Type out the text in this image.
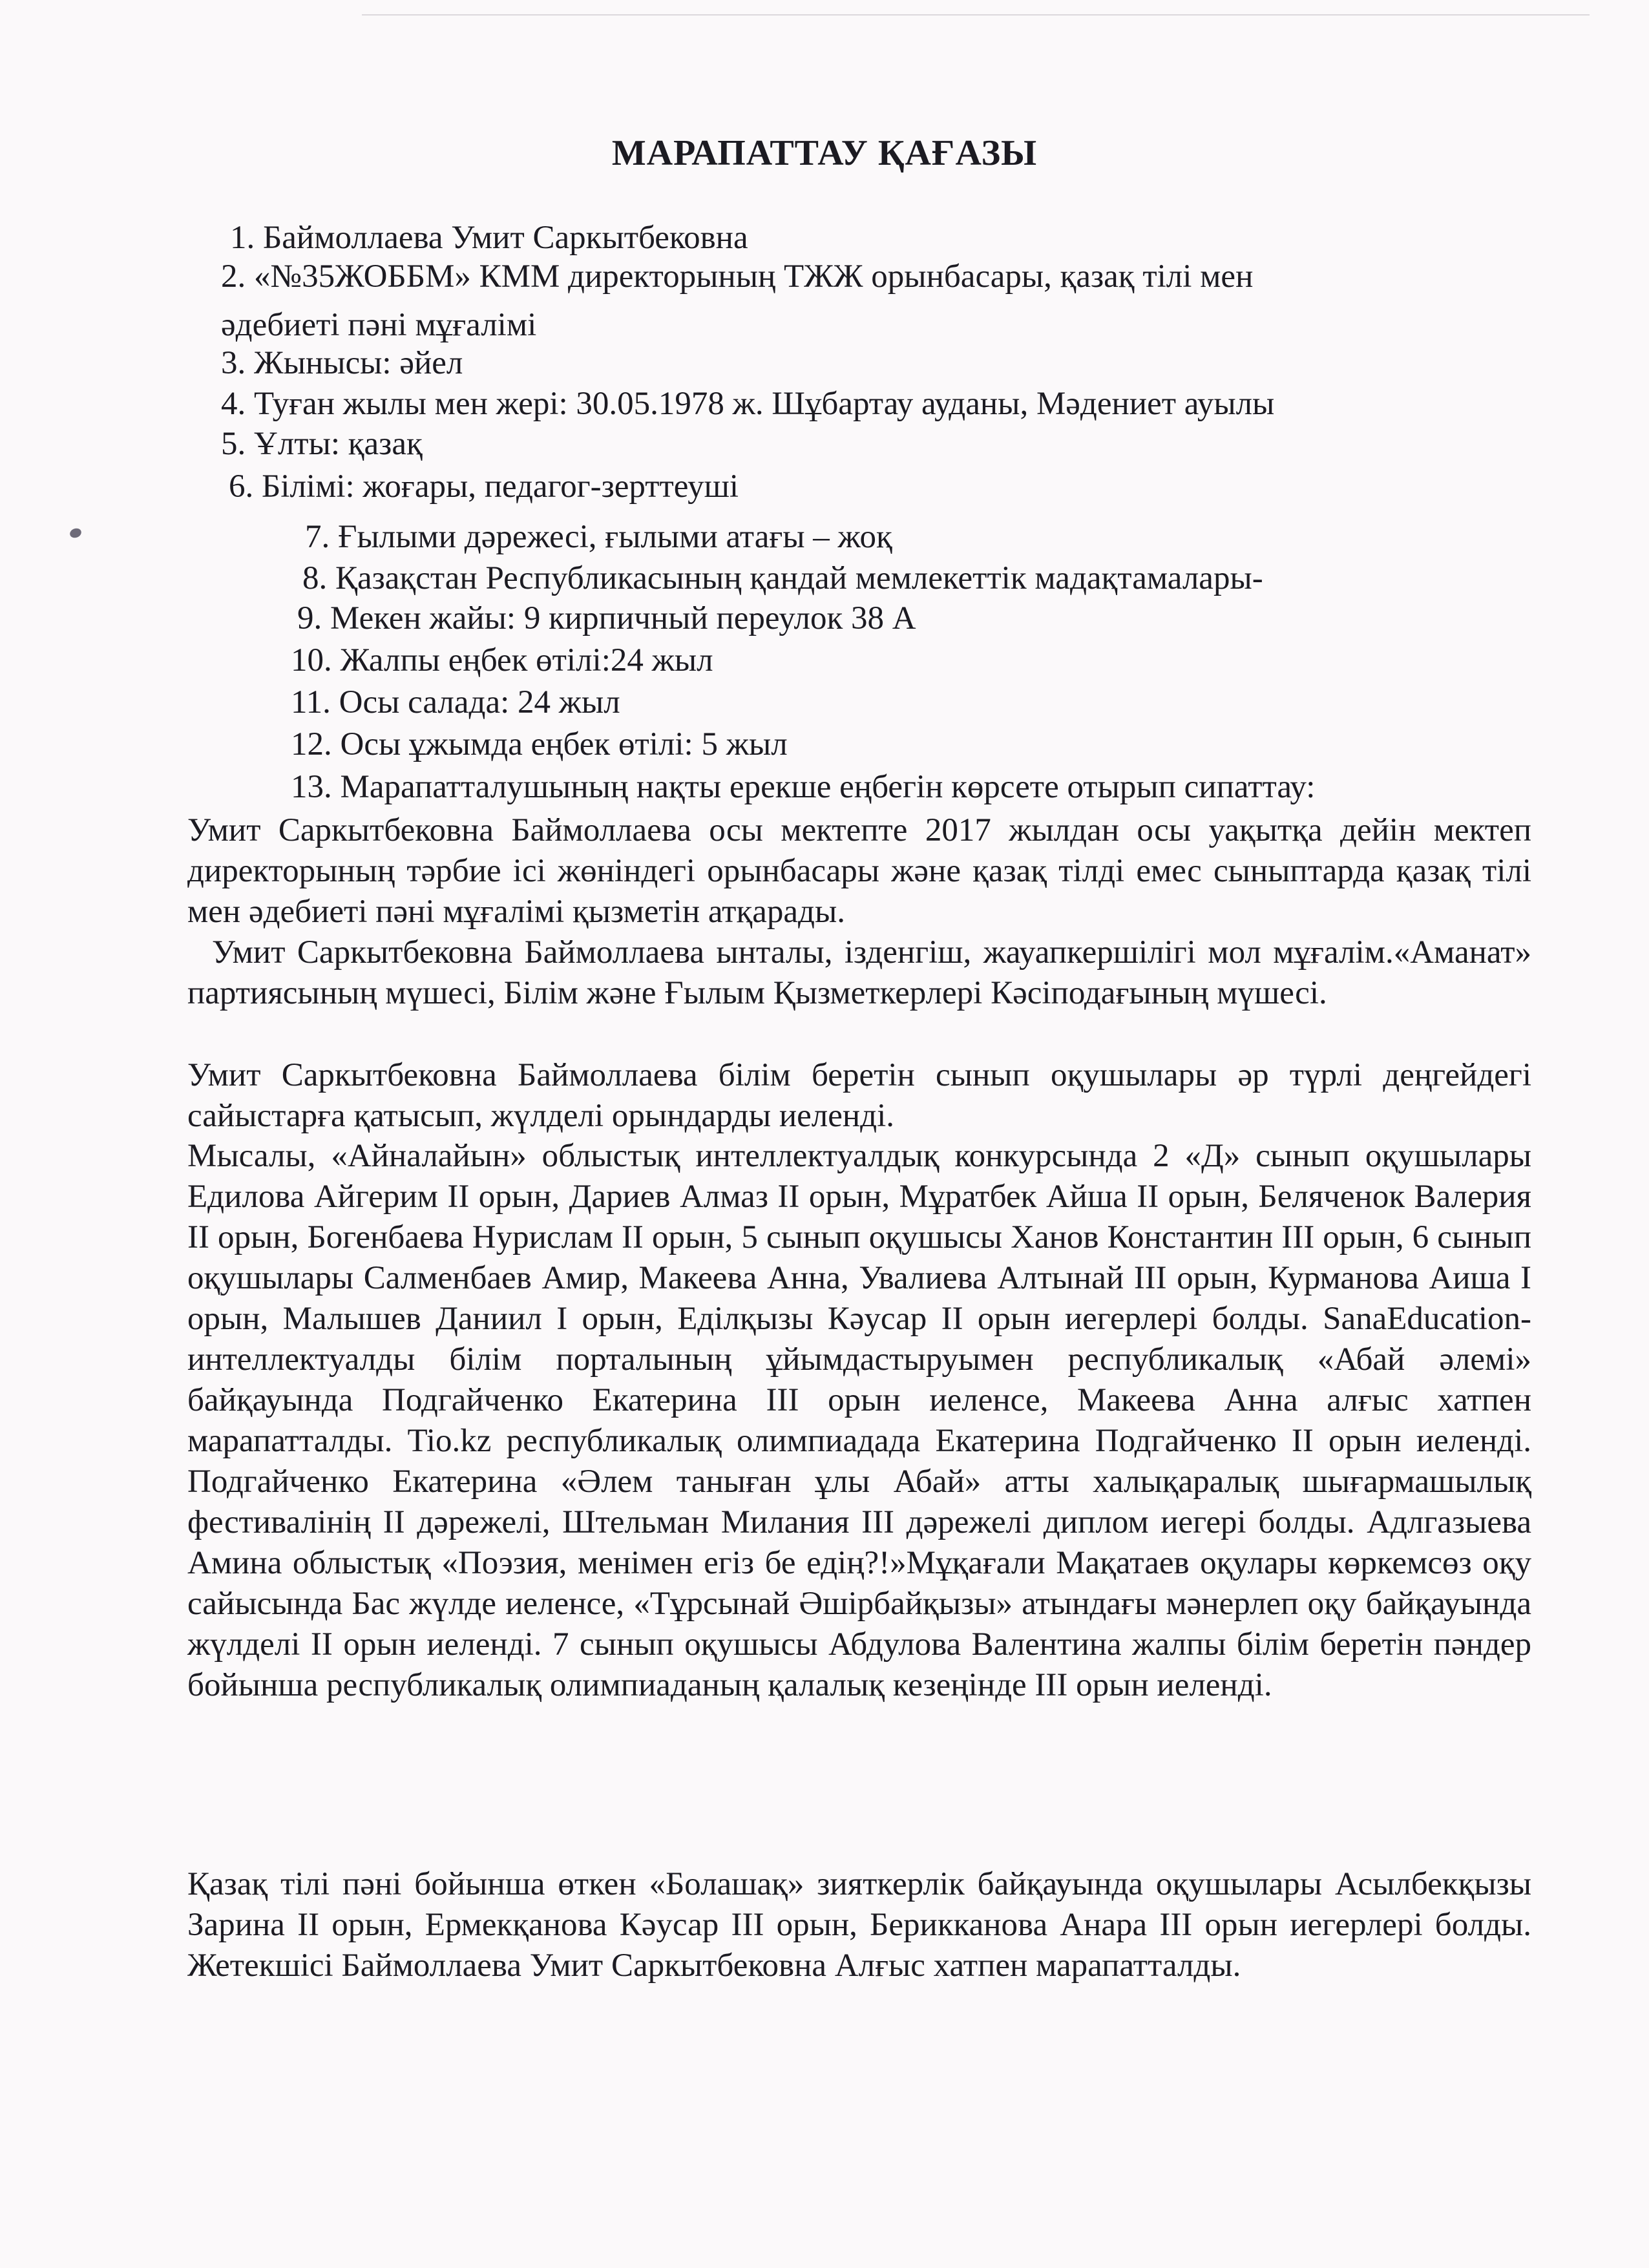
МАРАПАТТАУ ҚАҒАЗЫ
1. Баймоллаева Умит Саркытбековна
2. «№35ЖОББМ» КММ директорының ТЖЖ орынбасары, қазақ тілі мен
әдебиеті пәні мұғалімі
3. Жынысы: әйел
4. Туған жылы мен жері: 30.05.1978 ж. Шұбартау ауданы, Мәдениет ауылы
5. Ұлты: қазақ
6. Білімі: жоғары, педагог-зерттеуші
7. Ғылыми дәрежесі, ғылыми атағы – жоқ
8. Қазақстан Республикасының қандай мемлекеттік мадақтамалары-
9. Мекен жайы: 9 кирпичный переулок 38 А
10. Жалпы еңбек өтілі:24 жыл
11. Осы салада: 24 жыл
12. Осы ұжымда еңбек өтілі: 5 жыл
13. Марапатталушының нақты ерекше еңбегін көрсете отырып сипаттау:
Умит Саркытбековна Баймоллаева осы мектепте 2017 жылдан осы уақытқа дейін мектеп директорының тәрбие ісі жөніндегі орынбасары және қазақ тілді емес сыныптарда қазақ тілі мен әдебиеті пәні мұғалімі қызметін атқарады.
Умит Саркытбековна Баймоллаева ынталы, ізденгіш, жауапкершілігі мол мұғалім.«Аманат» партиясының мүшесі, Білім және Ғылым Қызметкерлері Кәсіподағының мүшесі.
Умит Саркытбековна Баймоллаева білім беретін сынып оқушылары әр түрлі деңгейдегі сайыстарға қатысып, жүлделі орындарды иеленді.
Мысалы, «Айналайын» облыстық интеллектуалдық конкурсында 2 «Д» сынып оқушылары Едилова Айгерим II орын, Дариев Алмаз II орын, Мұратбек Айша II орын, Беляченок Валерия II орын, Богенбаева Нурислам II орын, 5 сынып оқушысы Ханов Константин III орын, 6 сынып оқушылары Салменбаев Амир, Макеева Анна, Увалиева Алтынай III орын, Курманова Аиша I орын, Малышев Даниил I орын, Еділқызы Кәусар II орын иегерлері болды. SanaEducation-интеллектуалды білім порталының ұйымдастыруымен республикалық «Абай әлемі» байқауында Подгайченко Екатерина III орын иеленсе, Макеева Анна алғыс хатпен марапатталды. Tio.kz республикалық олимпиадада Екатерина Подгайченко II орын иеленді. Подгайченко Екатерина «Әлем таныған ұлы Абай» атты халықаралық шығармашылық фестивалінің II дәрежелі, Штельман Милания III дәрежелі диплом иегері болды. Адлгазыева Амина облыстық «Поэзия, менімен егіз бе едің?!»Мұқағали Мақатаев оқулары көркемсөз оқу сайысында Бас жүлде иеленсе, «Тұрсынай Әшірбайқызы» атындағы мәнерлеп оқу байқауында жүлделі II орын иеленді. 7 сынып оқушысы Абдулова Валентина жалпы білім беретін пәндер бойынша республикалық олимпиаданың қалалық кезеңінде III орын иеленді.
Қазақ тілі пәні бойынша өткен «Болашақ» зияткерлік байқауында оқушылары Асылбекқызы Зарина II орын, Ермекқанова Кәусар III орын, Берикканова Анара III орын иегерлері болды. Жетекшісі Баймоллаева Умит Саркытбековна Алғыс хатпен марапатталды.
